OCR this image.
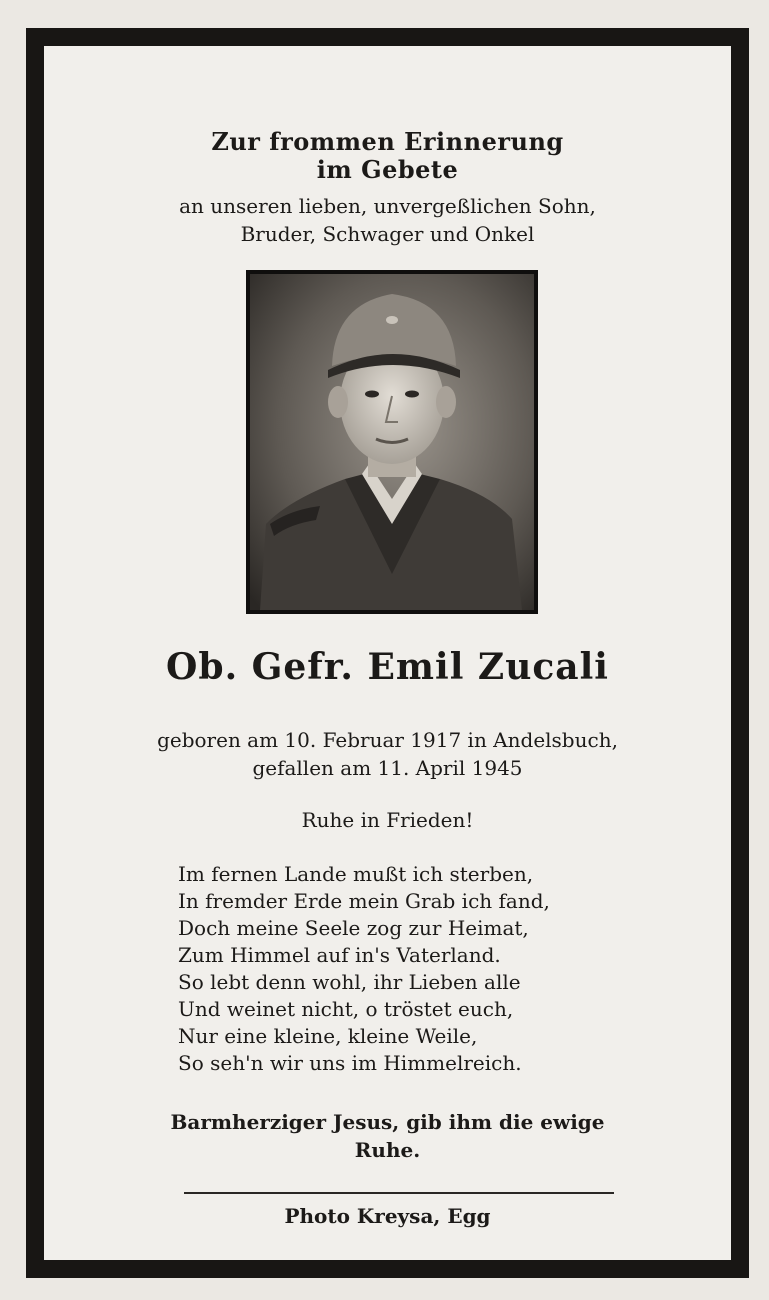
Zur frommen Erinnerung
im Gebete
an unseren lieben, unvergeßlichen Sohn,
Bruder, Schwager und Onkel
Ob. Gefr. Emil Zucali
geboren am 10. Februar 1917 in Andelsbuch,
gefallen am 11. April 1945
Ruhe in Frieden!
Im fernen Lande mußt ich sterben,
In fremder Erde mein Grab ich fand,
Doch meine Seele zog zur Heimat,
Zum Himmel auf in's Vaterland.
So lebt denn wohl, ihr Lieben alle
Und weinet nicht, o tröstet euch,
Nur eine kleine, kleine Weile,
So seh'n wir uns im Himmelreich.
Barmherziger Jesus, gib ihm die ewige
Ruhe.
Photo Kreysa, Egg
